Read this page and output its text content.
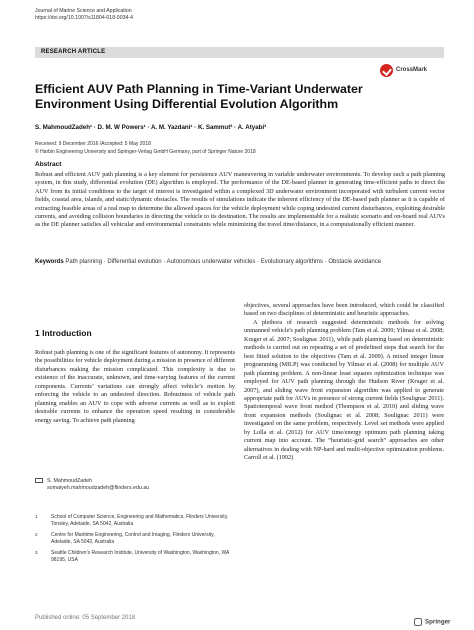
Journal of Marine Science and Application
https://doi.org/10.1007/s11804-018-0034-4
RESEARCH ARTICLE
CrossMark
Efficient AUV Path Planning in Time-Variant Underwater Environment Using Differential Evolution Algorithm
S. MahmoudZadeh¹ · D. M. W Powers¹ · A. M. Yazdani¹ · K. Sammut² · A. Atyabi³
Received: 9 December 2016 /Accepted: 5 May 2018
© Harbin Engineering University and Springer-Verlag GmbH Germany, part of Springer Nature 2018
Abstract
Robust and efficient AUV path planning is a key element for persistence AUV maneuvering in variable underwater environments. To develop such a path planning system, in this study, differential evolution (DE) algorithm is employed. The performance of the DE-based planner in generating time-efficient paths to direct the AUV from its initial conditions to the target of interest is investigated within a complexed 3D underwater environment incorporated with turbulent current vector fields, coastal area, islands, and static/dynamic obstacles. The results of simulations indicate the inherent efficiency of the DE-based path planner as it is capable of extracting feasible areas of a real map to determine the allowed spaces for the vehicle deployment while coping undesired current disturbances, exploiting desirable currents, and avoiding collision boundaries in directing the vehicle to its destination. The results are implementable for a realistic scenario and on-board real AUVs as the DE planner satisfies all vehicular and environmental constraints while minimizing the travel time/distance, in a computationally efficient manner.
Keywords Path planning · Differential evolution · Autonomous underwater vehicles · Evolutionary algorithms · Obstacle avoidance
1 Introduction
Robust path planning is one of the significant features of autonomy. It represents the possibilities for vehicle deployment during a mission in presence of different disturbances making the mission complicated. This complexity is due to existence of the inaccurate, unknown, and time-varying features of the current components. Currents’ variations can strongly affect vehicle’s motion by enforcing the vehicle to an undesired direction. Robustness of vehicle path planning enables an AUV to cope with adverse currents as well as to exploit desirable currents to enhance the operation speed resulting in considerable energy saving. To achieve path planning

objectives, several approaches have been introduced, which could be classified based on two disciplines of deterministic and heuristic approaches.

A plethora of research suggested deterministic methods for solving unmanned vehicle's path planning problem (Tam et al. 2009; Yilmaz et al. 2008; Kruger et al. 2007; Soulignac 2011), while path planning based on deterministic methods is carried out on repeating a set of predefined steps that search for the best fitted solution to the objectives (Tam et al. 2009). A mixed integer linear programming (MILP) was conducted by Yilmaz et al. (2008) for multiple AUV path planning problem. A non-linear least squares optimization technique was employed for AUV path planning through the Hudson River (Kruger et al. 2007), and sliding wave front expansion algorithm was applied to generate appropriate path for AUVs in presence of strong current fields (Soulignac 2011). Spatiotemporal wave front method (Thompson et al. 2010) and sliding wave front expansion methods (Soulignac et al. 2008; Soulignac 2011) were investigated on the same problem, respectively. Level set methods were applied by Lolla et al. (2012) for AUV time/energy optimum path planning taking current map into account. The “heuristic-grid search” approaches are other alternatives in dealing with NP-hard and multi-objective optimization problems. Carroll et al. (1992)

S. MahmoudZadeh
somaiyeh.mahmoudzadeh@flinders.edu.au
1	School of Computer Science, Engineering and Mathematics, Flinders University, Tonsley, Adelaide, SA 5042, Australia
2	Centre for Maritime Engineering, Control and Imaging, Flinders University, Adelaide, SA 5042, Australia
3	Seattle Children’s Research Institute, University of Washington, Washington, WA 98195, USA
Published online: 05 September 2018
Springer
